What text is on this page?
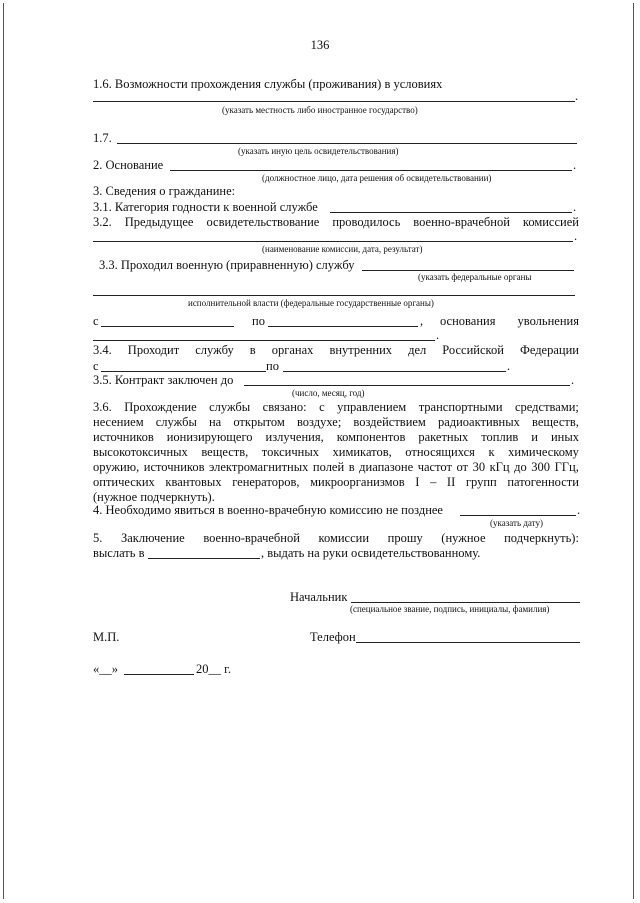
136
1.6. Возможности прохождения службы (проживания) в условиях
.
(указать местность либо иностранное государство)
1.7.
(указать иную цель освидетельствования)
2. Основание	.
(должностное лицо, дата решения об освидетельствовании)
3. Сведения о гражданине:
3.1. Категория годности к военной службе	.
3.2. Предыдущее освидетельствование проводилось военно-врачебной комиссией
.
(наименование комиссии, дата, результат)
3.3. Проходил военную (приравненную) службу
(указать федеральные органы
исполнительной власти (федеральные государственные органы)
с	по	, основания увольнения
.
3.4. Проходит службу в органах внутренних дел Российской Федерации
с	по	.
3.5. Контракт заключен до	.
(число, месяц, год)
3.6. Прохождение службы связано: с управлением транспортными средствами;
несением службы на открытом воздухе; воздействием радиоактивных веществ,
источников ионизирующего излучения, компонентов ракетных топлив и иных
высокотоксичных веществ, токсичных химикатов, относящихся к химическому
оружию, источников электромагнитных полей в диапазоне частот от 30 кГц до 300 ГГц,
оптических квантовых генераторов, микроорганизмов I – II групп патогенности
(нужное подчеркнуть).
4. Необходимо явиться в военно-врачебную комиссию не позднее	.
(указать дату)
5. Заключение военно-врачебной комиссии прошу (нужное подчеркнуть):
выслать в	, выдать на руки освидетельствованному.
Начальник
(специальное звание, подпись, инициалы, фамилия)
М.П.	Телефон
«__»	20__ г.
